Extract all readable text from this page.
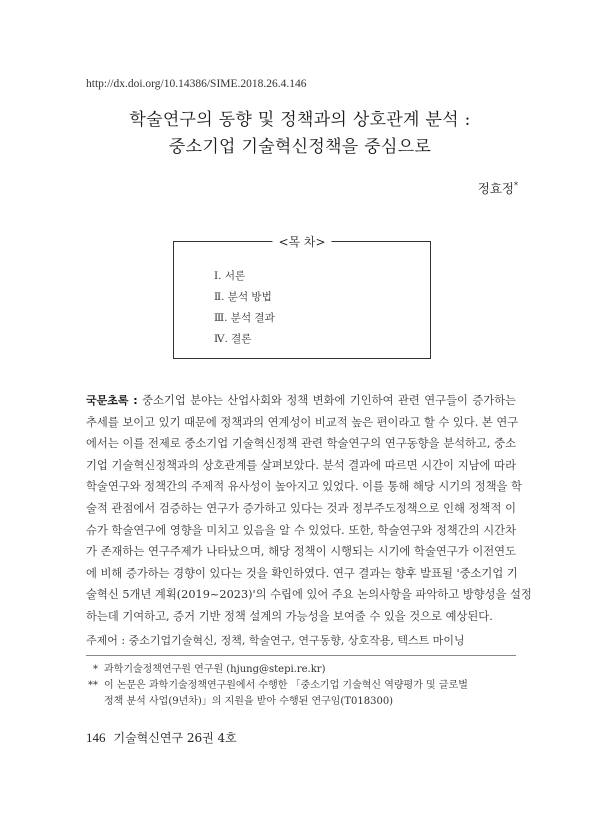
http://dx.doi.org/10.14386/SIME.2018.26.4.146
학술연구의 동향 및 정책과의 상호관계 분석 :
중소기업 기술혁신정책을 중심으로
정효정*
<목 차>
Ⅰ. 서론
Ⅱ. 분석 방법
Ⅲ. 분석 결과
Ⅳ. 결론
국문초록 : 중소기업 분야는 산업사회와 정책 변화에 기인하여 관련 연구들이 증가하는
추세를 보이고 있기 때문에 정책과의 연계성이 비교적 높은 편이라고 할 수 있다. 본 연구
에서는 이를 전제로 중소기업 기술혁신정책 관련 학술연구의 연구동향을 분석하고, 중소
기업 기술혁신정책과의 상호관계를 살펴보았다. 분석 결과에 따르면 시간이 지남에 따라
학술연구와 정책간의 주제적 유사성이 높아지고 있었다. 이를 통해 해당 시기의 정책을 학
술적 관점에서 검증하는 연구가 증가하고 있다는 것과 정부주도정책으로 인해 정책적 이
슈가 학술연구에 영향을 미치고 있음을 알 수 있었다. 또한, 학술연구와 정책간의 시간차
가 존재하는 연구주제가 나타났으며, 해당 정책이 시행되는 시기에 학술연구가 이전연도
에 비해 증가하는 경향이 있다는 것을 확인하였다. 연구 결과는 향후 발표될 '중소기업 기
술혁신 5개년 계획(2019~2023)'의 수립에 있어 주요 논의사항을 파악하고 방향성을 설정
하는데 기여하고, 증거 기반 정책 설계의 가능성을 보여줄 수 있을 것으로 예상된다.
주제어 : 중소기업기술혁신, 정책, 학술연구, 연구동향, 상호작용, 텍스트 마이닝
* 과학기술정책연구원 연구원 (hjung@stepi.re.kr)
** 이 논문은 과학기술정책연구원에서 수행한 「중소기업 기술혁신 역량평가 및 글로벌
정책 분석 사업(9년차)」의 지원을 받아 수행된 연구임(T018300)
146 기술혁신연구 26권 4호
